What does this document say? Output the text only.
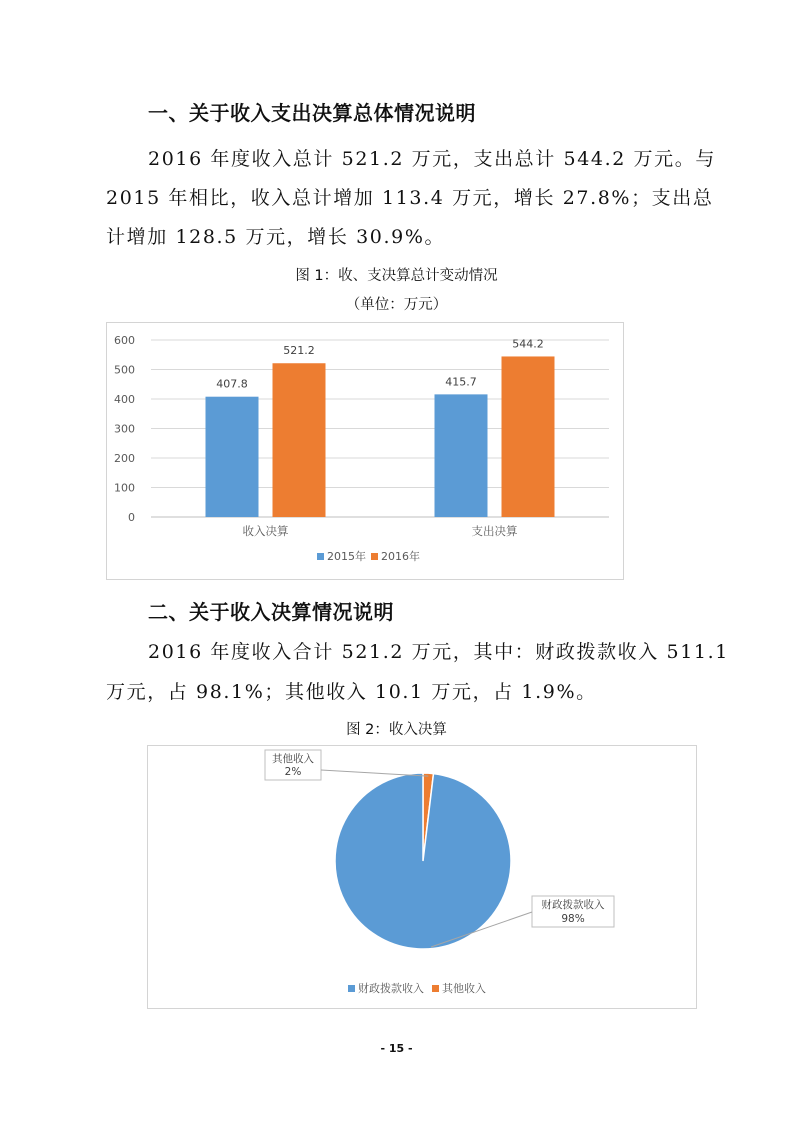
一、关于收入支出决算总体情况说明
2016 年度收入总计 521.2 万元，支出总计 544.2 万元。与
2015 年相比，收入总计增加 113.4 万元，增长 27.8%；支出总
计增加 128.5 万元，增长 30.9%。
图 1：收、支决算总计变动情况
（单位：万元）
0
100
200
300
400
500
600
收入决算
407.8
521.2
支出决算
415.7
544.2
2015年 2016年
二、关于收入决算情况说明
2016 年度收入合计 521.2 万元，其中：财政拨款收入 511.1
万元，占 98.1%；其他收入 10.1 万元，占 1.9%。
图 2：收入决算
其他收入
2%
财政拨款收入
98%
财政拨款收入 其他收入
- 15 -
